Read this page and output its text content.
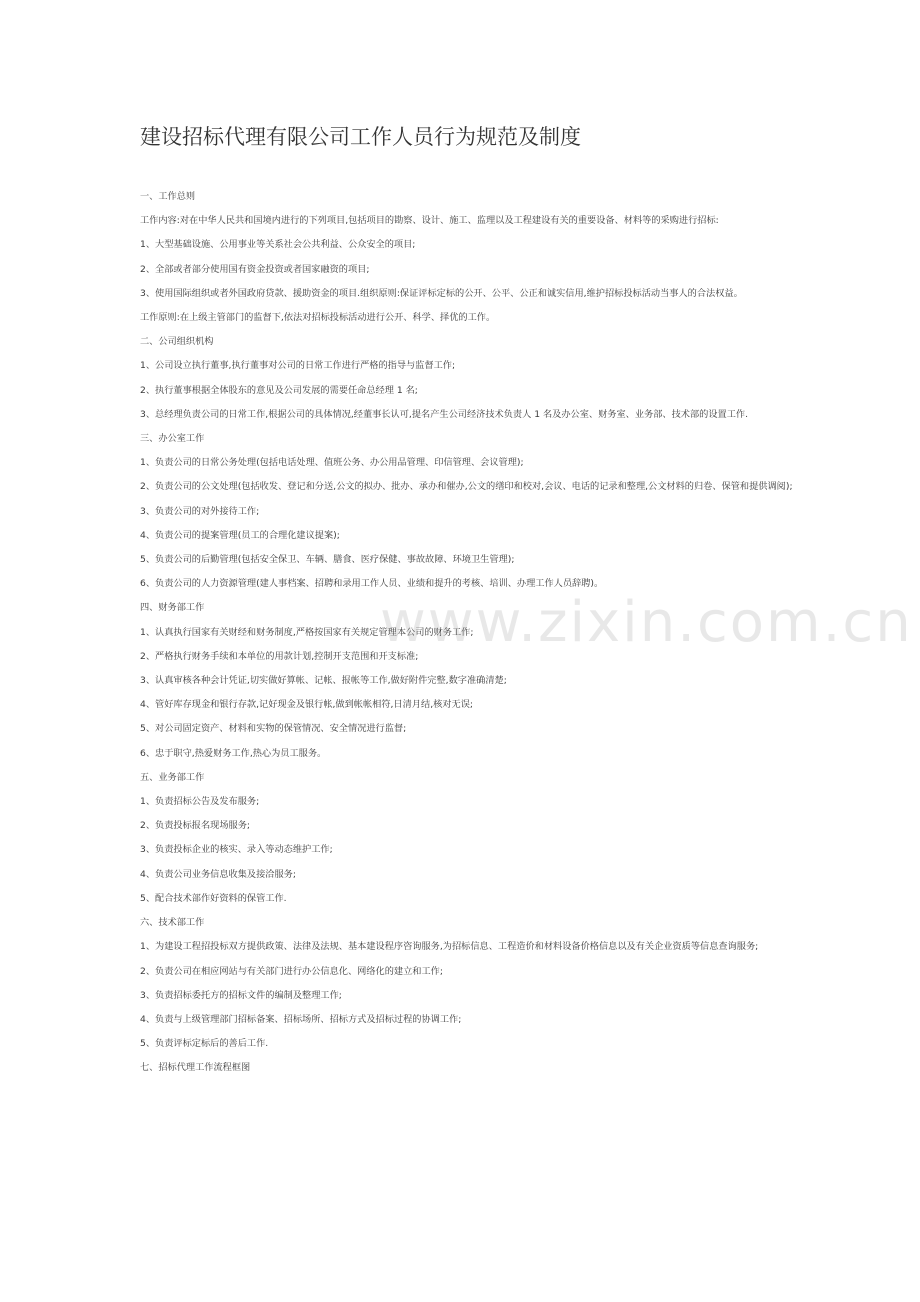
建设招标代理有限公司工作人员行为规范及制度

一、工作总则

工作内容:对在中华人民共和国境内进行的下列项目,包括项目的勘察、设计、施工、监理以及工程建设有关的重要设备、材料等的采购进行招标:

1、大型基础设施、公用事业等关系社会公共利益、公众安全的项目;

2、全部或者部分使用国有资金投资或者国家融资的项目;

3、使用国际组织或者外国政府贷款、援助资金的项目.组织原则:保证评标定标的公开、公平、公正和诚实信用,维护招标投标活动当事人的合法权益。

工作原则:在上级主管部门的监督下,依法对招标投标活动进行公开、科学、择优的工作。

二、公司组织机构

1、公司设立执行董事,执行董事对公司的日常工作进行严格的指导与监督工作;

2、执行董事根据全体股东的意见及公司发展的需要任命总经理 1 名;

3、总经理负责公司的日常工作,根据公司的具体情况,经董事长认可,提名产生公司经济技术负责人 1 名及办公室、财务室、业务部、技术部的设置工作.

三、办公室工作

1、负责公司的日常公务处理(包括电话处理、值班公务、办公用品管理、印信管理、会议管理);

2、负责公司的公文处理(包括收发、登记和分送,公文的拟办、批办、承办和催办,公文的缮印和校对,会议、电话的记录和整理,公文材料的归卷、保管和提供调阅);

3、负责公司的对外接待工作;

4、负责公司的提案管理(员工的合理化建议提案);

5、负责公司的后勤管理(包括安全保卫、车辆、膳食、医疗保健、事故故障、环境卫生管理);

6、负责公司的人力资源管理(建人事档案、招聘和录用工作人员、业绩和提升的考核、培训、办理工作人员辞聘)。

四、财务部工作

1、认真执行国家有关财经和财务制度,严格按国家有关规定管理本公司的财务工作;

2、严格执行财务手续和本单位的用款计划,控制开支范围和开支标准;

3、认真审核各种会计凭证,切实做好算帐、记帐、报帐等工作,做好附件完整,数字准确清楚;

4、管好库存现金和银行存款,记好现金及银行帐,做到帐帐相符,日清月结,核对无误;

5、对公司固定资产、材料和实物的保管情况、安全情况进行监督;

6、忠于职守,热爱财务工作,热心为员工服务。

五、业务部工作

1、负责招标公告及发布服务;

2、负责投标报名现场服务;

3、负责投标企业的核实、录入等动态维护工作;

4、负责公司业务信息收集及接洽服务;

5、配合技术部作好资料的保管工作.

六、技术部工作

1、为建设工程招投标双方提供政策、法律及法规、基本建设程序咨询服务,为招标信息、工程造价和材料设备价格信息以及有关企业资质等信息查询服务;

2、负责公司在相应网站与有关部门进行办公信息化、网络化的建立和工作;

3、负责招标委托方的招标文件的编制及整理工作;

4、负责与上级管理部门招标备案、招标场所、招标方式及招标过程的协调工作;

5、负责评标定标后的善后工作.

七、招标代理工作流程框图

www.zixin.com.cn
